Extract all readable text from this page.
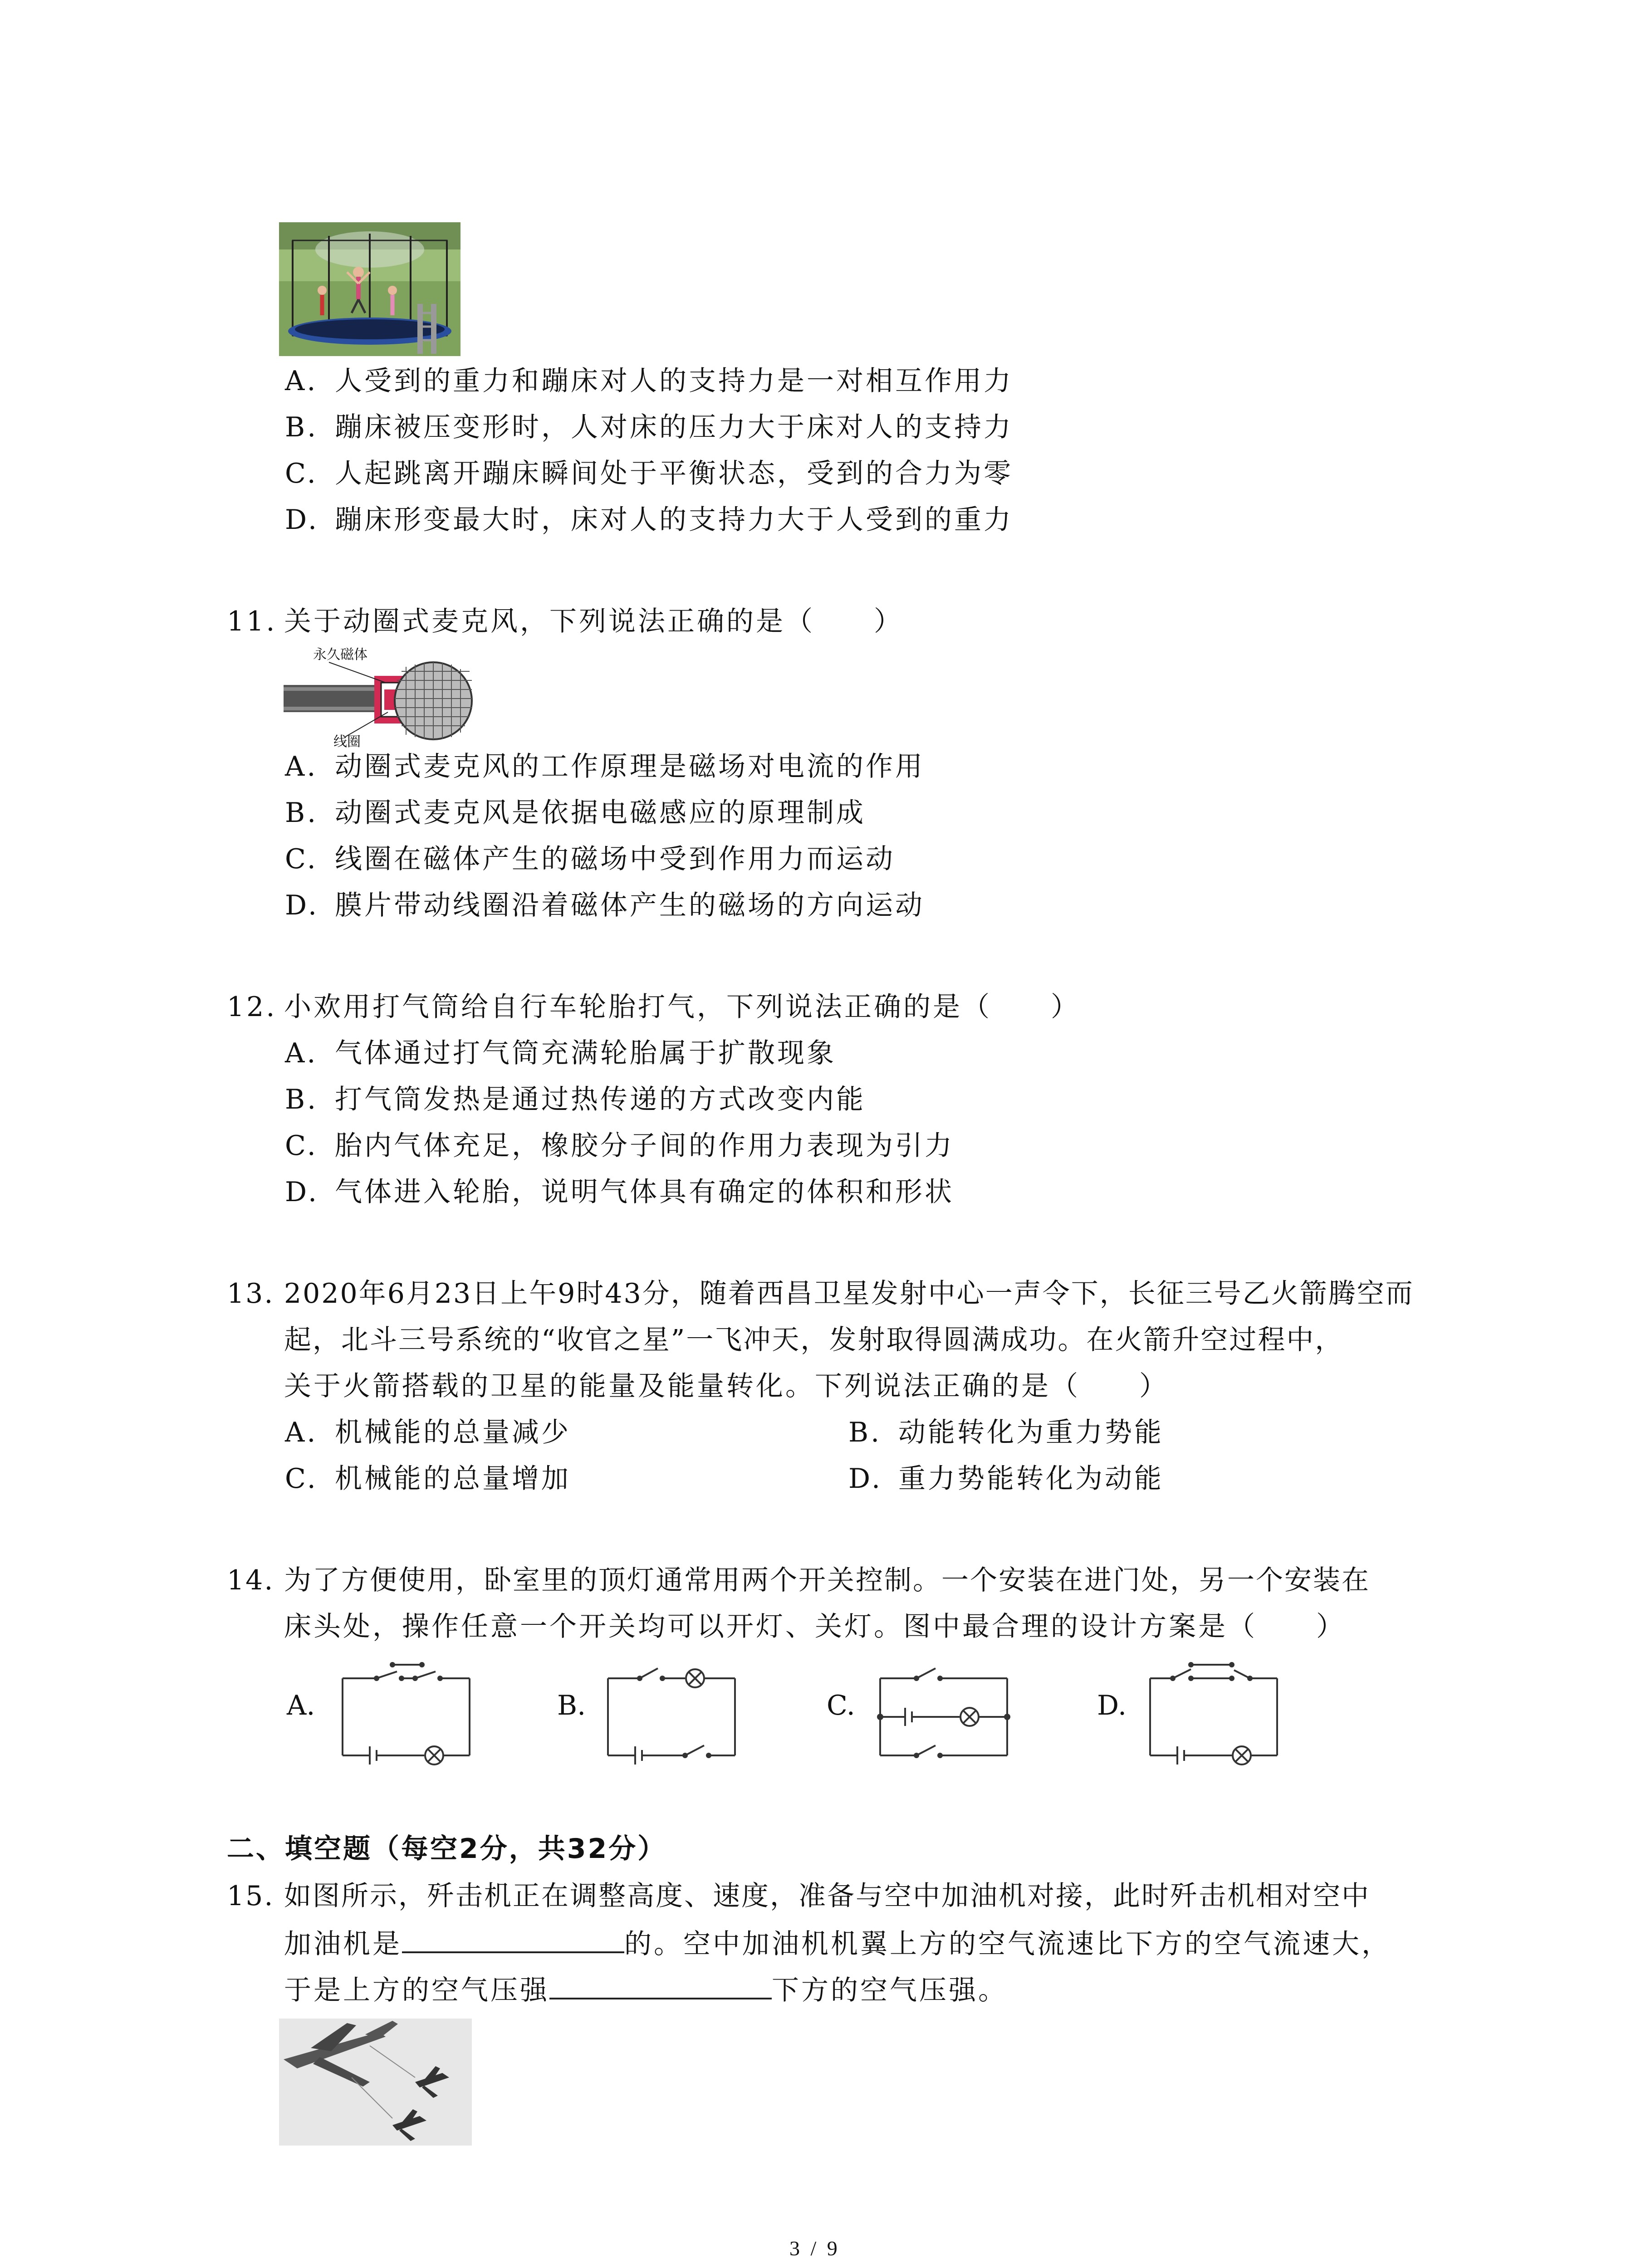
A. 人受到的重力和蹦床对人的支持力是一对相互作用力
B. 蹦床被压变形时，人对床的压力大于床对人的支持力
C. 人起跳离开蹦床瞬间处于平衡状态，受到的合力为零
D. 蹦床形变最大时，床对人的支持力大于人受到的重力
11. 关于动圈式麦克风，下列说法正确的是（　　）
永久磁体
线圈
A. 动圈式麦克风的工作原理是磁场对电流的作用
B. 动圈式麦克风是依据电磁感应的原理制成
C. 线圈在磁体产生的磁场中受到作用力而运动
D. 膜片带动线圈沿着磁体产生的磁场的方向运动
12. 小欢用打气筒给自行车轮胎打气，下列说法正确的是（　　）
A. 气体通过打气筒充满轮胎属于扩散现象
B. 打气筒发热是通过热传递的方式改变内能
C. 胎内气体充足，橡胶分子间的作用力表现为引力
D. 气体进入轮胎，说明气体具有确定的体积和形状
13. 2020年6月23日上午9时43分，随着西昌卫星发射中心一声令下，长征三号乙火箭腾空而
起，北斗三号系统的“收官之星”一飞冲天，发射取得圆满成功。在火箭升空过程中，
关于火箭搭载的卫星的能量及能量转化。下列说法正确的是（　　）
A. 机械能的总量减少	B. 动能转化为重力势能
C. 机械能的总量增加	D. 重力势能转化为动能
14. 为了方便使用，卧室里的顶灯通常用两个开关控制。一个安装在进门处，另一个安装在
床头处，操作任意一个开关均可以开灯、关灯。图中最合理的设计方案是（　　）
A.	B.	C.	D.
二、填空题（每空2分，共32分）
15. 如图所示，歼击机正在调整高度、速度，准备与空中加油机对接，此时歼击机相对空中
加油机是	的。空中加油机机翼上方的空气流速比下方的空气流速大，
于是上方的空气压强	下方的空气压强。
3 / 9
